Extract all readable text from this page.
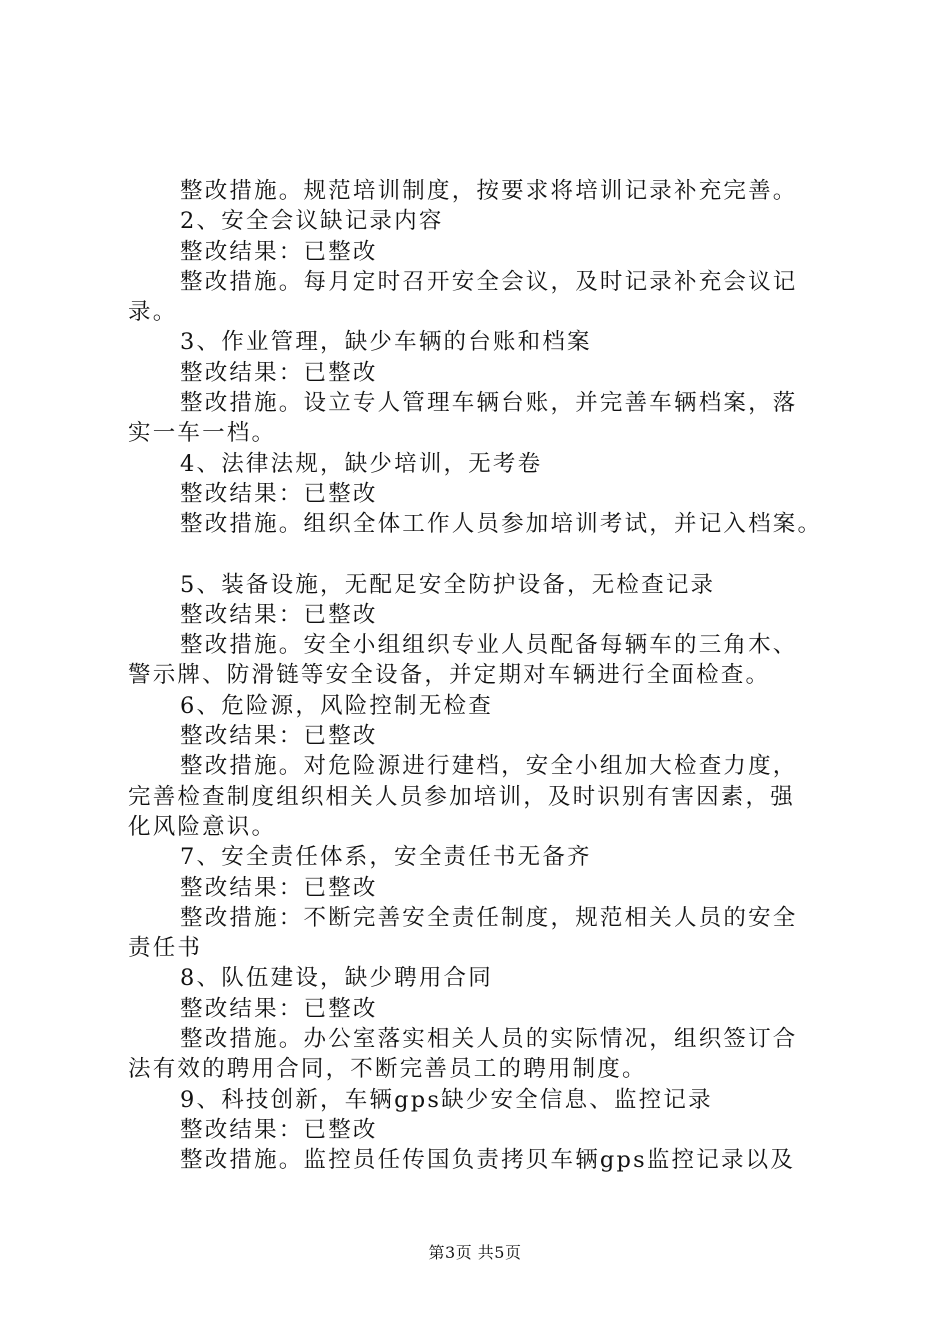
整改措施。规范培训制度，按要求将培训记录补充完善。

2、安全会议缺记录内容

整改结果：已整改

整改措施。每月定时召开安全会议，及时记录补充会议记

录。

3、作业管理，缺少车辆的台账和档案

整改结果：已整改

整改措施。设立专人管理车辆台账，并完善车辆档案，落

实一车一档。

4、法律法规，缺少培训，无考卷

整改结果：已整改

整改措施。组织全体工作人员参加培训考试，并记入档案。

5、装备设施，无配足安全防护设备，无检查记录

整改结果：已整改

整改措施。安全小组组织专业人员配备每辆车的三角木、

警示牌、防滑链等安全设备，并定期对车辆进行全面检查。

6、危险源，风险控制无检查

整改结果：已整改

整改措施。对危险源进行建档，安全小组加大检查力度，

完善检查制度组织相关人员参加培训，及时识别有害因素，强

化风险意识。

7、安全责任体系，安全责任书无备齐

整改结果：已整改

整改措施：不断完善安全责任制度，规范相关人员的安全

责任书

8、队伍建设，缺少聘用合同

整改结果：已整改

整改措施。办公室落实相关人员的实际情况，组织签订合

法有效的聘用合同，不断完善员工的聘用制度。

9、科技创新，车辆gps缺少安全信息、监控记录

整改结果：已整改

整改措施。监控员任传国负责拷贝车辆gps监控记录以及

第3页 共5页
